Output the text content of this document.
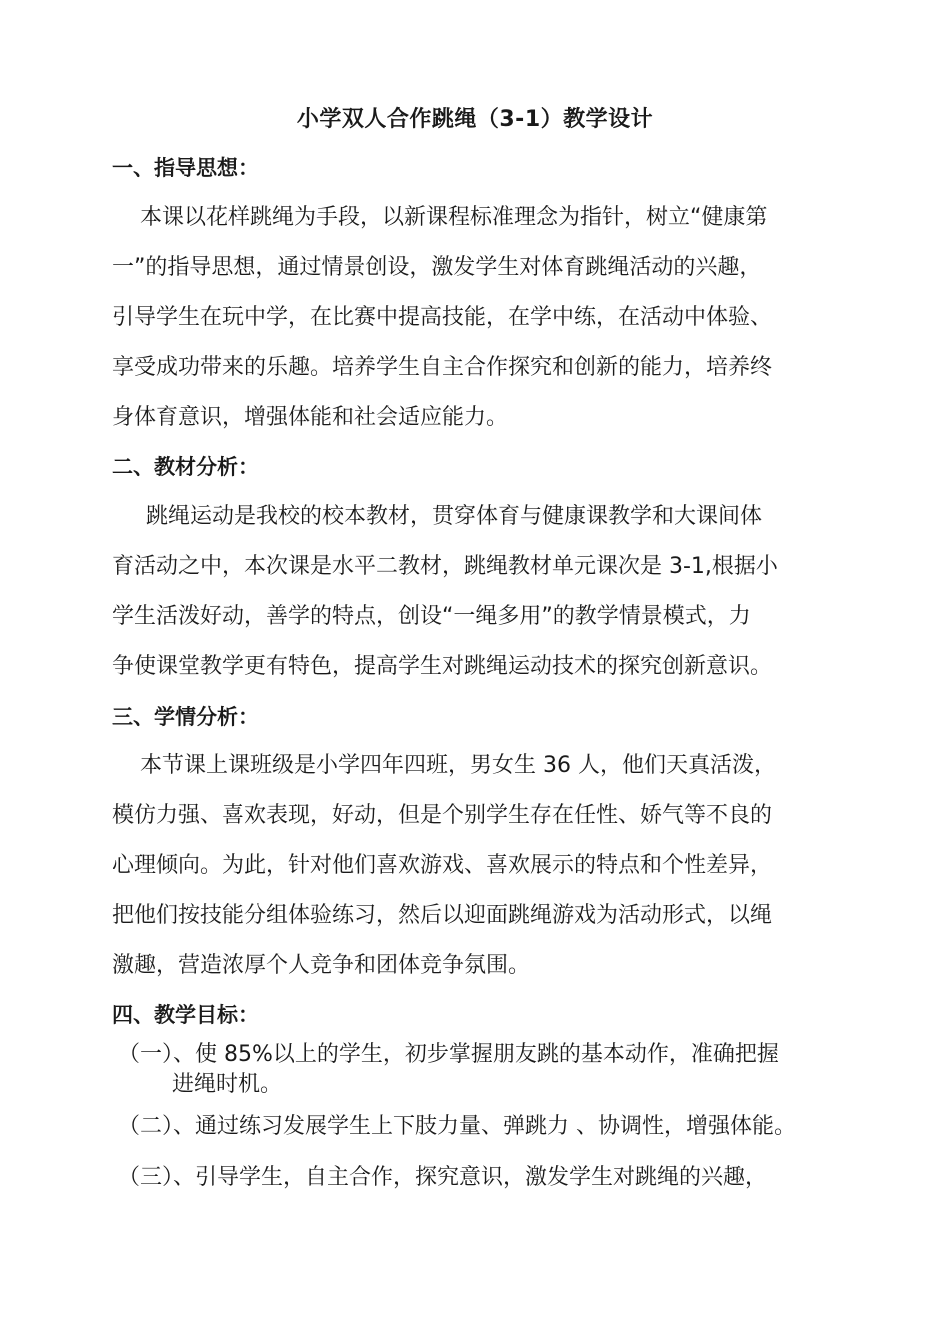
小学双人合作跳绳（3-1）教学设计
一、指导思想：
本课以花样跳绳为手段，以新课程标准理念为指针，树立“健康第
一”的指导思想，通过情景创设，激发学生对体育跳绳活动的兴趣，
引导学生在玩中学，在比赛中提高技能，在学中练，在活动中体验、
享受成功带来的乐趣。培养学生自主合作探究和创新的能力，培养终
身体育意识，增强体能和社会适应能力。
二、教材分析：
跳绳运动是我校的校本教材，贯穿体育与健康课教学和大课间体
育活动之中，本次课是水平二教材，跳绳教材单元课次是 3-1,根据小
学生活泼好动，善学的特点，创设“一绳多用”的教学情景模式，力
争使课堂教学更有特色，提高学生对跳绳运动技术的探究创新意识。
三、学情分析：
本节课上课班级是小学四年四班，男女生 36 人，他们天真活泼，
模仿力强、喜欢表现，好动，但是个别学生存在任性、娇气等不良的
心理倾向。为此，针对他们喜欢游戏、喜欢展示的特点和个性差异，
把他们按技能分组体验练习，然后以迎面跳绳游戏为活动形式，以绳
激趣，营造浓厚个人竞争和团体竞争氛围。
四、教学目标：
（一）、使 85%以上的学生，初步掌握朋友跳的基本动作，准确把握
进绳时机。
（二）、通过练习发展学生上下肢力量、弹跳力 、协调性，增强体能。
（三）、引导学生，自主合作，探究意识，激发学生对跳绳的兴趣，
